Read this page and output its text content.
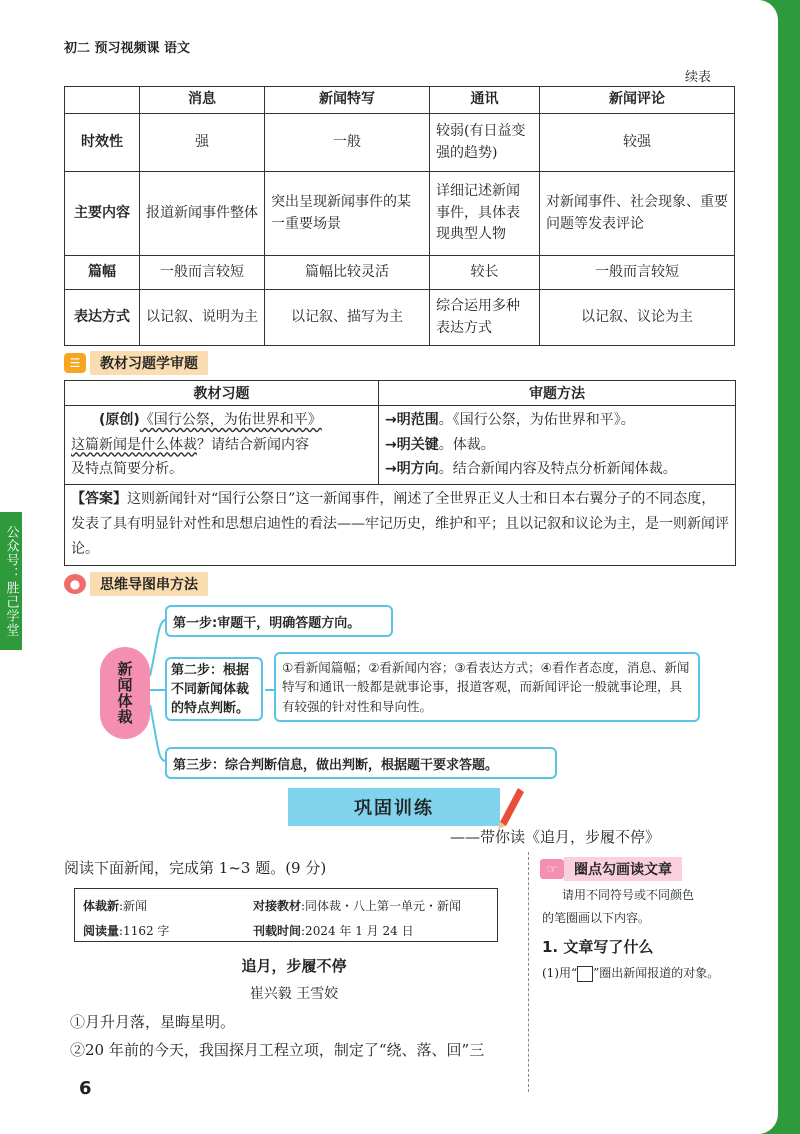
初二 预习视频课 语文
续表
	消息	新闻特写	通讯	新闻评论
时效性	强	一般	较弱(有日益变强的趋势)	较强
主要内容	报道新闻事件整体	突出呈现新闻事件的某一重要场景	详细记述新闻事件，具体表现典型人物	对新闻事件、社会现象、重要问题等发表评论
篇幅	一般而言较短	篇幅比较灵活	较长	一般而言较短
表达方式	以记叙、说明为主	以记叙、描写为主	综合运用多种表达方式	以记叙、议论为主
☰	教材习题学审题
教材习题	审题方法
(原创)《国行公祭，为佑世界和平》
这篇新闻是什么体裁？请结合新闻内容
及特点简要分析。
→明范围。《国行公祭，为佑世界和平》。
→明关键。体裁。
→明方向。结合新闻内容及特点分析新闻体裁。
【答案】这则新闻针对“国行公祭日”这一新闻事件，阐述了全世界正义人士和日本右翼分子的不同态度，发表了具有明显针对性和思想启迪性的看法——牢记历史，维护和平；且以记叙和议论为主，是一则新闻评论。
●	思维导图串方法
新闻体裁
第一步:审题干，明确答题方向。
第二步：根据不同新闻体裁的特点判断。
①看新闻篇幅；②看新闻内容；③看表达方式；④看作者态度，消息、新闻特写和通讯一般都是就事论事，报道客观，而新闻评论一般就事论理，具有较强的针对性和导向性。
第三步：综合判断信息，做出判断，根据题干要求答题。
巩固训练
——带你读《追月，步履不停》
阅读下面新闻，完成第 1~3 题。(9 分)
体裁新:新闻	对接教材:同体裁・八上第一单元・新闻
阅读量:1162 字	刊载时间:2024 年 1 月 24 日
追月，步履不停
崔兴毅 王雪姣
①月升月落，星晦星明。
②20 年前的今天，我国探月工程立项，制定了“绕、落、回”三
☞	圈点勾画读文章
请用不同符号或不同颜色
的笔圈画以下内容。
1. 文章写了什么
(1)用“ ”圈出新闻报道的对象。
6
公众号：胜己学堂
